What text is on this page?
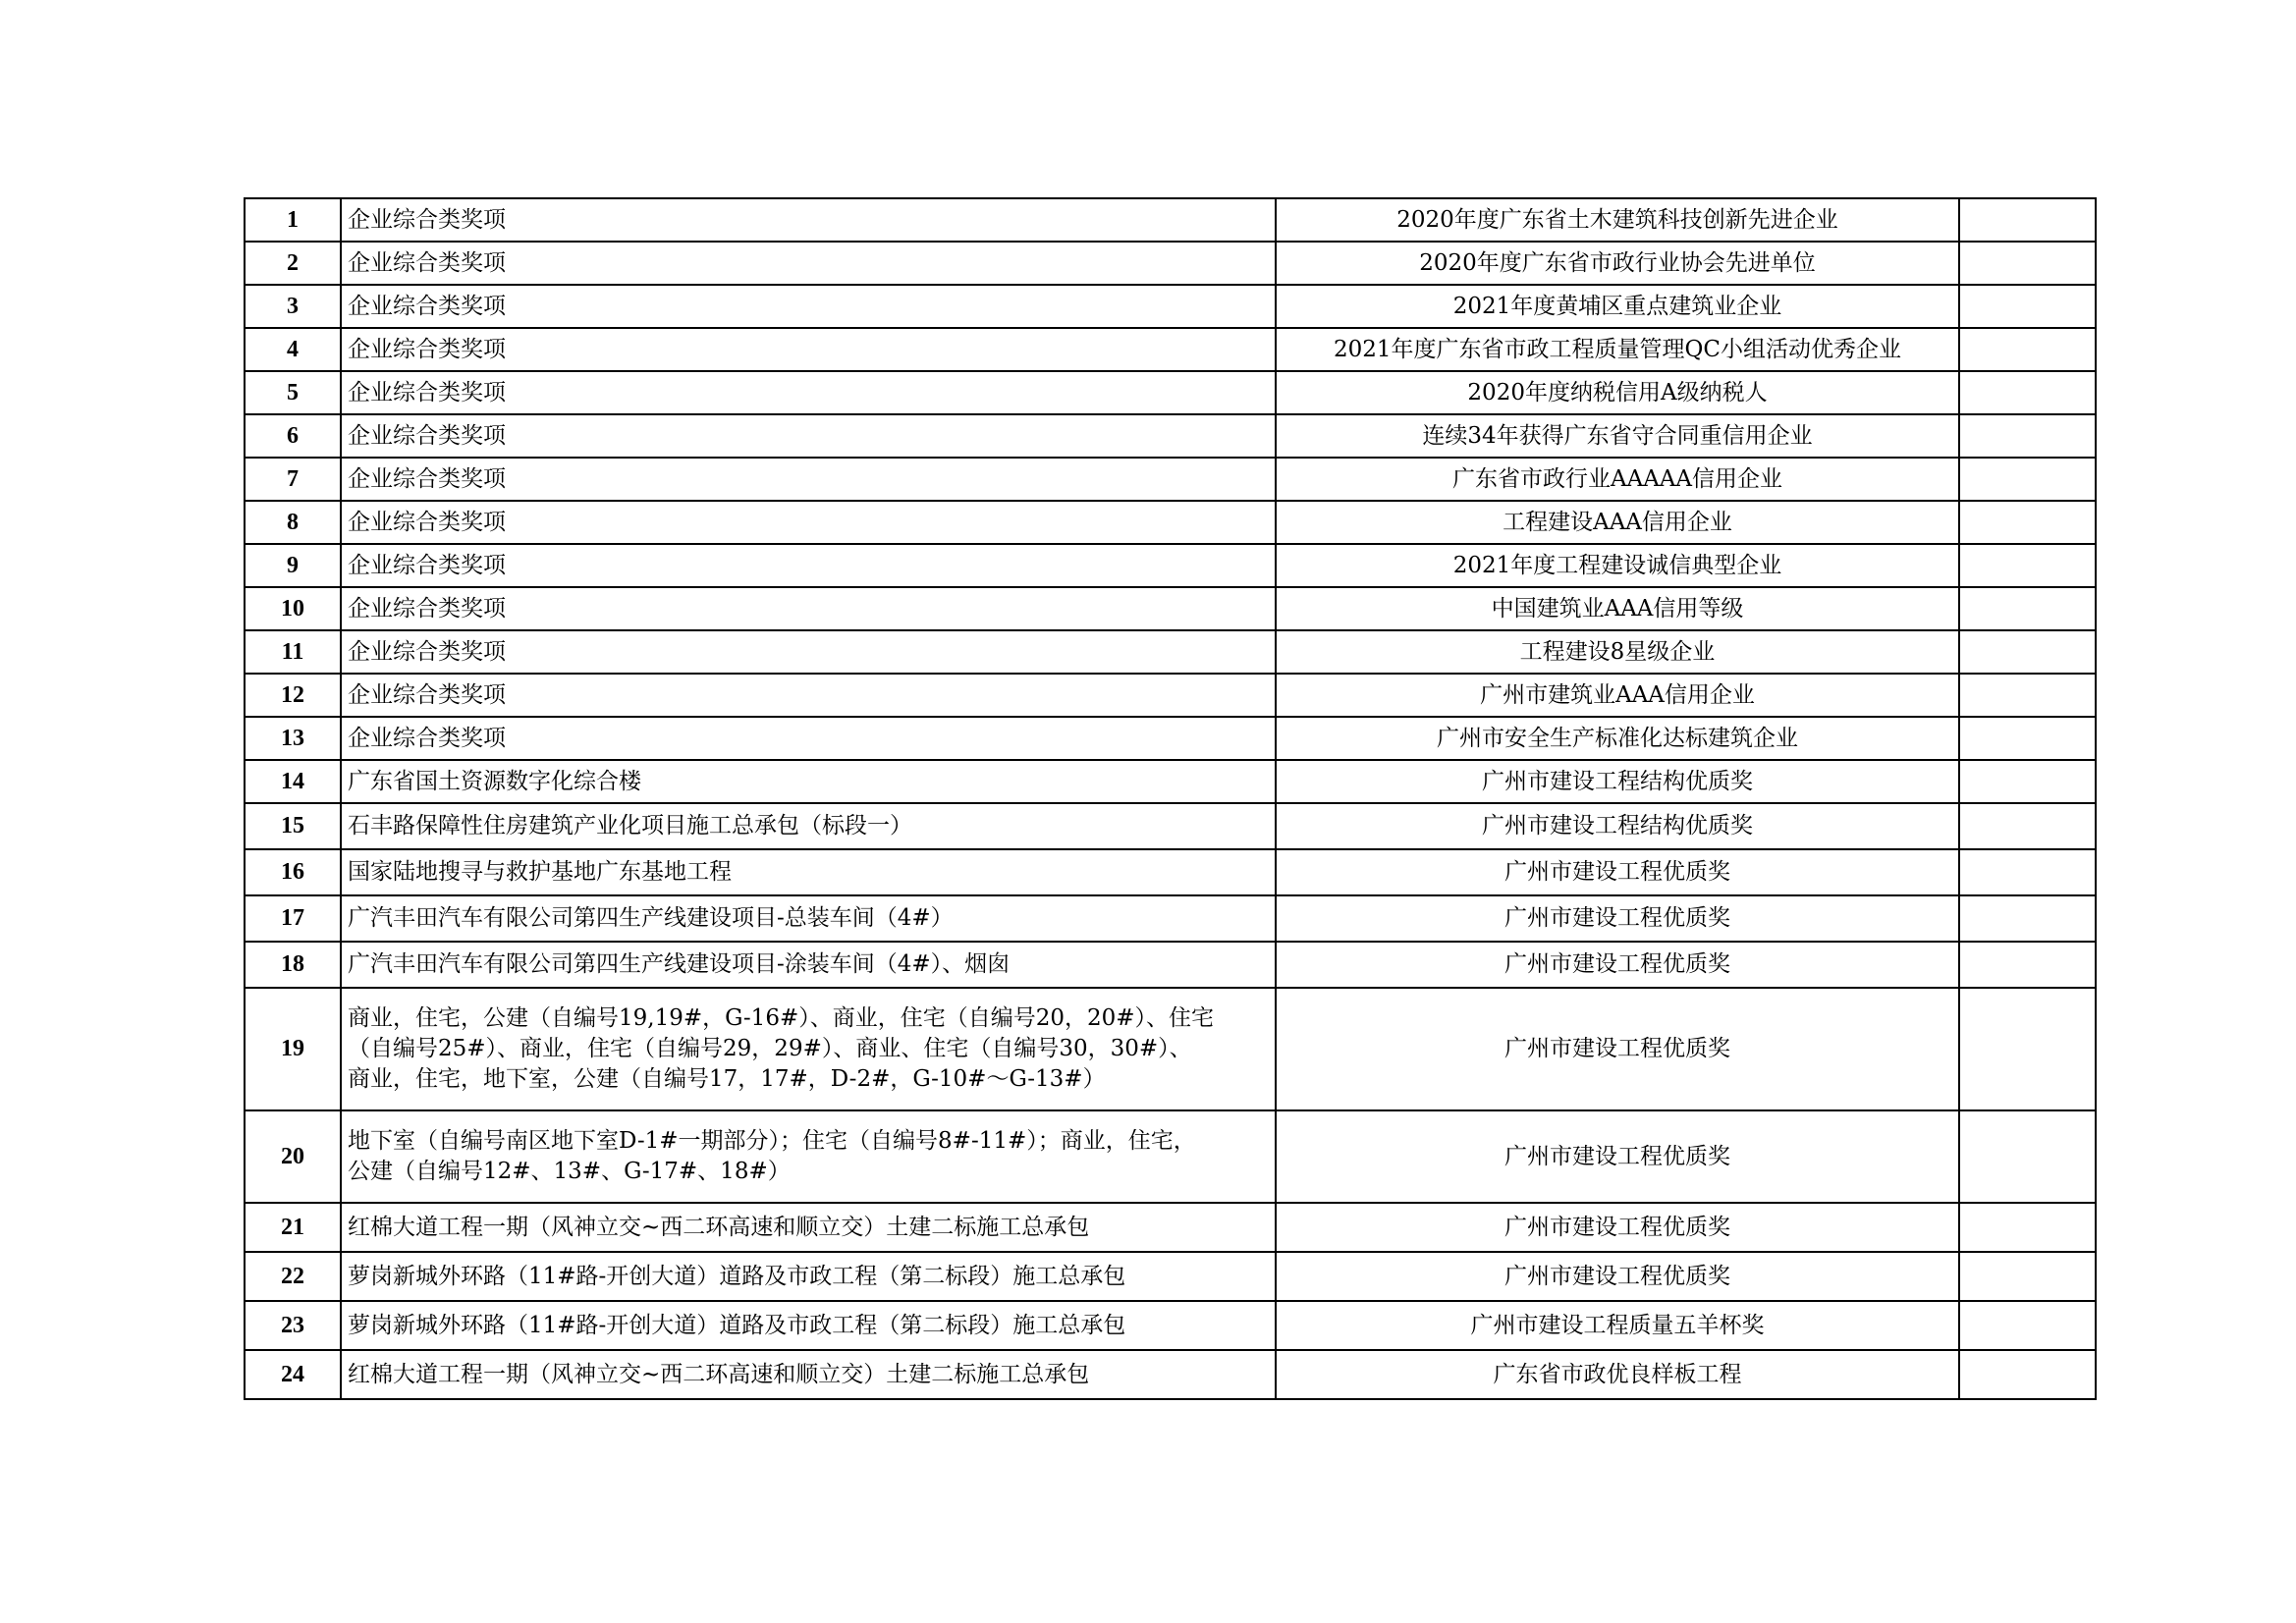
1	企业综合类奖项	2020年度广东省土木建筑科技创新先进企业	
2	企业综合类奖项	2020年度广东省市政行业协会先进单位	
3	企业综合类奖项	2021年度黄埔区重点建筑业企业	
4	企业综合类奖项	2021年度广东省市政工程质量管理QC小组活动优秀企业	
5	企业综合类奖项	2020年度纳税信用A级纳税人	
6	企业综合类奖项	连续34年获得广东省守合同重信用企业	
7	企业综合类奖项	广东省市政行业AAAAA信用企业	
8	企业综合类奖项	工程建设AAA信用企业	
9	企业综合类奖项	2021年度工程建设诚信典型企业	
10	企业综合类奖项	中国建筑业AAA信用等级	
11	企业综合类奖项	工程建设8星级企业	
12	企业综合类奖项	广州市建筑业AAA信用企业	
13	企业综合类奖项	广州市安全生产标准化达标建筑企业	
14	广东省国土资源数字化综合楼	广州市建设工程结构优质奖	
15	石丰路保障性住房建筑产业化项目施工总承包（标段一）	广州市建设工程结构优质奖	
16	国家陆地搜寻与救护基地广东基地工程	广州市建设工程优质奖	
17	广汽丰田汽车有限公司第四生产线建设项目-总装车间（4#）	广州市建设工程优质奖	
18	广汽丰田汽车有限公司第四生产线建设项目-涂装车间（4#）、烟囱	广州市建设工程优质奖	
19	商业，住宅，公建（自编号19,19#，G-16#）、商业，住宅（自编号20，20#）、住宅
（自编号25#）、商业，住宅（自编号29，29#）、商业、住宅（自编号30，30#）、
商业，住宅，地下室，公建（自编号17，17#，D-2#，G-10#～G-13#）	广州市建设工程优质奖	
20	地下室（自编号南区地下室D-1#一期部分）；住宅（自编号8#-11#）；商业，住宅，
公建（自编号12#、13#、G-17#、18#）	广州市建设工程优质奖	
21	红棉大道工程一期（风神立交~西二环高速和顺立交）土建二标施工总承包	广州市建设工程优质奖	
22	萝岗新城外环路（11#路-开创大道）道路及市政工程（第二标段）施工总承包	广州市建设工程优质奖	
23	萝岗新城外环路（11#路-开创大道）道路及市政工程（第二标段）施工总承包	广州市建设工程质量五羊杯奖	
24	红棉大道工程一期（风神立交~西二环高速和顺立交）土建二标施工总承包	广东省市政优良样板工程	
